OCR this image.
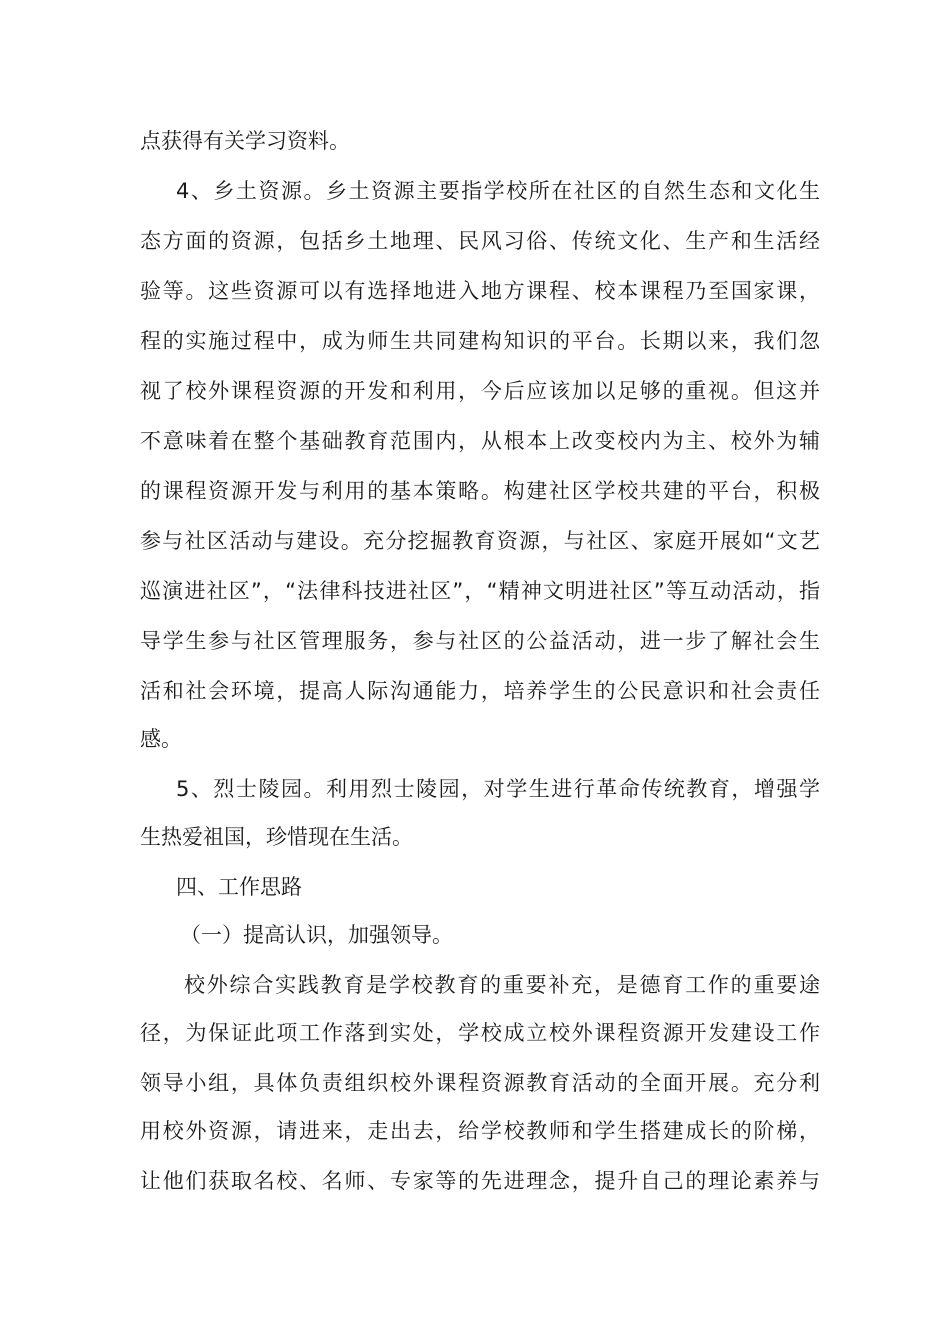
点获得有关学习资料。
4、乡土资源。乡土资源主要指学校所在社区的自然生态和文化生
态方面的资源，包括乡土地理、民风习俗、传统文化、生产和生活经
验等。这些资源可以有选择地进入地方课程、校本课程乃至国家课，
程的实施过程中，成为师生共同建构知识的平台。长期以来，我们忽
视了校外课程资源的开发和利用，今后应该加以足够的重视。但这并
不意味着在整个基础教育范围内，从根本上改变校内为主、校外为辅
的课程资源开发与利用的基本策略。构建社区学校共建的平台，积极
参与社区活动与建设。充分挖掘教育资源，与社区、家庭开展如“文艺
巡演进社区”，“法律科技进社区”，“精神文明进社区”等互动活动，指
导学生参与社区管理服务，参与社区的公益活动，进一步了解社会生
活和社会环境，提高人际沟通能力，培养学生的公民意识和社会责任
感。
5、烈士陵园。利用烈士陵园，对学生进行革命传统教育，增强学
生热爱祖国，珍惜现在生活。
四、工作思路
（一）提高认识，加强领导。
校外综合实践教育是学校教育的重要补充，是德育工作的重要途
径，为保证此项工作落到实处，学校成立校外课程资源开发建设工作
领导小组，具体负责组织校外课程资源教育活动的全面开展。充分利
用校外资源，请进来，走出去，给学校教师和学生搭建成长的阶梯，
让他们获取名校、名师、专家等的先进理念，提升自己的理论素养与
